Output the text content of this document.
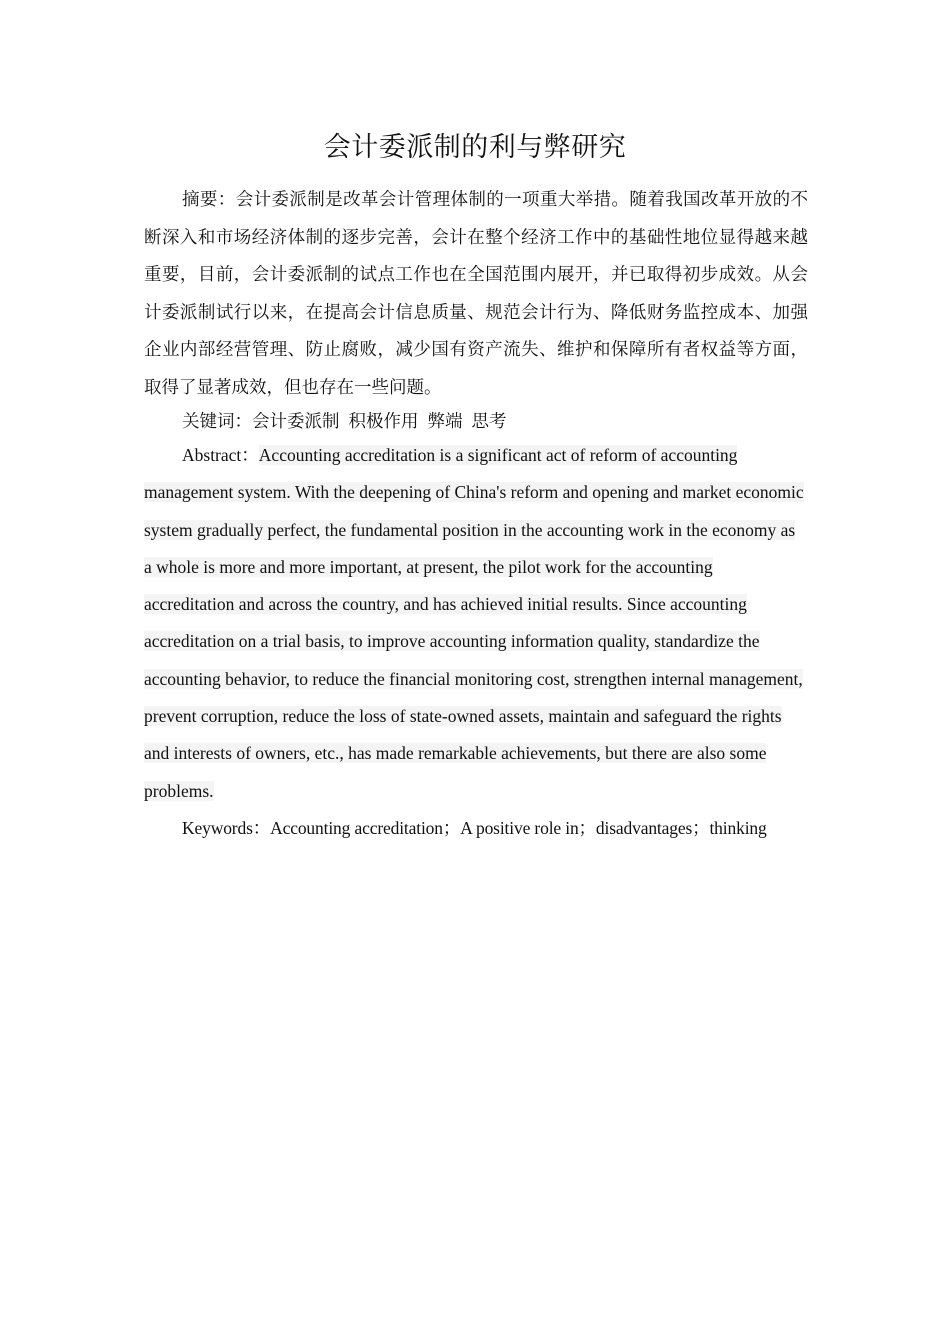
会计委派制的利与弊研究

摘要：会计委派制是改革会计管理体制的一项重大举措。随着我国改革开放的不断深入和市场经济体制的逐步完善，会计在整个经济工作中的基础性地位显得越来越重要，目前，会计委派制的试点工作也在全国范围内展开，并已取得初步成效。从会计委派制试行以来，在提高会计信息质量、规范会计行为、降低财务监控成本、加强企业内部经营管理、防止腐败，减少国有资产流失、维护和保障所有者权益等方面，取得了显著成效，但也存在一些问题。

关键词：会计委派制 积极作用 弊端 思考

Abstract：Accounting accreditation is a significant act of reform of accounting management system. With the deepening of China's reform and opening and market economic system gradually perfect, the fundamental position in the accounting work in the economy as a whole is more and more important, at present, the pilot work for the accounting accreditation and across the country, and has achieved initial results. Since accounting accreditation on a trial basis, to improve accounting information quality, standardize the accounting behavior, to reduce the financial monitoring cost, strengthen internal management, prevent corruption, reduce the loss of state-owned assets, maintain and safeguard the rights and interests of owners, etc., has made remarkable achievements, but there are also some problems.

Keywords：Accounting accreditation；A positive role in；disadvantages；thinking
